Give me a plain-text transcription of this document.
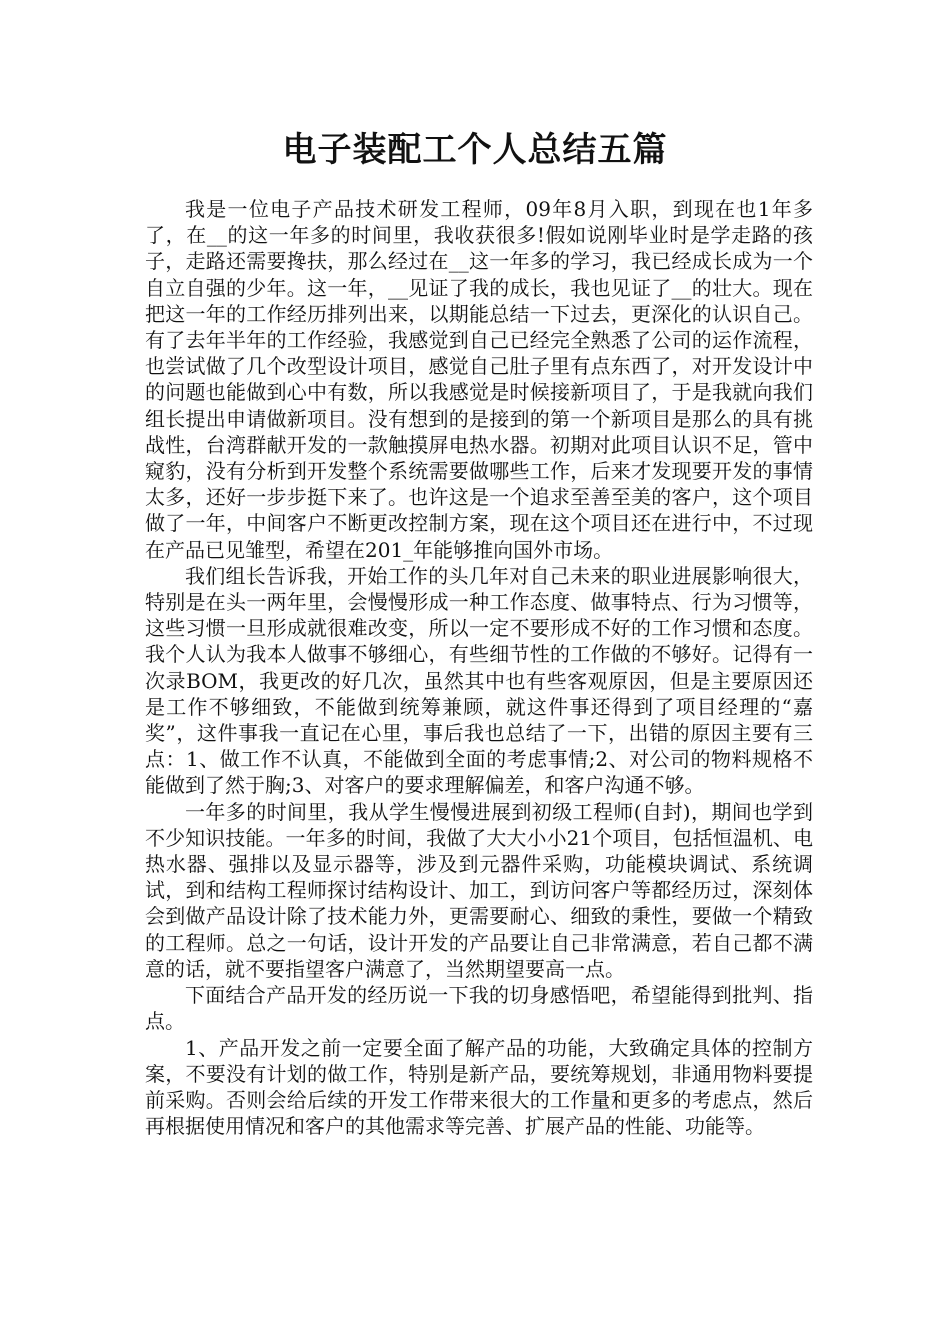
电子装配工个人总结五篇

我是一位电子产品技术研发工程师，09年8月入职，到现在也1年多了，在__的这一年多的时间里，我收获很多!假如说刚毕业时是学走路的孩子，走路还需要搀扶，那么经过在__这一年多的学习，我已经成长成为一个自立自强的少年。这一年，__见证了我的成长，我也见证了__的壮大。现在把这一年的工作经历排列出来，以期能总结一下过去，更深化的认识自己。有了去年半年的工作经验，我感觉到自己已经完全熟悉了公司的运作流程，也尝试做了几个改型设计项目，感觉自己肚子里有点东西了，对开发设计中的问题也能做到心中有数，所以我感觉是时候接新项目了，于是我就向我们组长提出申请做新项目。没有想到的是接到的第一个新项目是那么的具有挑战性，台湾群献开发的一款触摸屏电热水器。初期对此项目认识不足，管中窥豹，没有分析到开发整个系统需要做哪些工作，后来才发现要开发的事情太多，还好一步步挺下来了。也许这是一个追求至善至美的客户，这个项目做了一年，中间客户不断更改控制方案，现在这个项目还在进行中，不过现在产品已见雏型，希望在201_年能够推向国外市场。

我们组长告诉我，开始工作的头几年对自己未来的职业进展影响很大，特别是在头一两年里，会慢慢形成一种工作态度、做事特点、行为习惯等，这些习惯一旦形成就很难改变，所以一定不要形成不好的工作习惯和态度。我个人认为我本人做事不够细心，有些细节性的工作做的不够好。记得有一次录BOM，我更改的好几次，虽然其中也有些客观原因，但是主要原因还是工作不够细致，不能做到统筹兼顾，就这件事还得到了项目经理的“嘉奖”，这件事我一直记在心里，事后我也总结了一下，出错的原因主要有三点：1、做工作不认真，不能做到全面的考虑事情;2、对公司的物料规格不能做到了然于胸;3、对客户的要求理解偏差，和客户沟通不够。

一年多的时间里，我从学生慢慢进展到初级工程师(自封)，期间也学到不少知识技能。一年多的时间，我做了大大小小21个项目，包括恒温机、电热水器、强排以及显示器等，涉及到元器件采购，功能模块调试、系统调试，到和结构工程师探讨结构设计、加工，到访问客户等都经历过，深刻体会到做产品设计除了技术能力外，更需要耐心、细致的秉性，要做一个精致的工程师。总之一句话，设计开发的产品要让自己非常满意，若自己都不满意的话，就不要指望客户满意了，当然期望要高一点。

下面结合产品开发的经历说一下我的切身感悟吧，希望能得到批判、指点。

1、产品开发之前一定要全面了解产品的功能，大致确定具体的控制方案，不要没有计划的做工作，特别是新产品，要统筹规划，非通用物料要提前采购。否则会给后续的开发工作带来很大的工作量和更多的考虑点，然后再根据使用情况和客户的其他需求等完善、扩展产品的性能、功能等。
